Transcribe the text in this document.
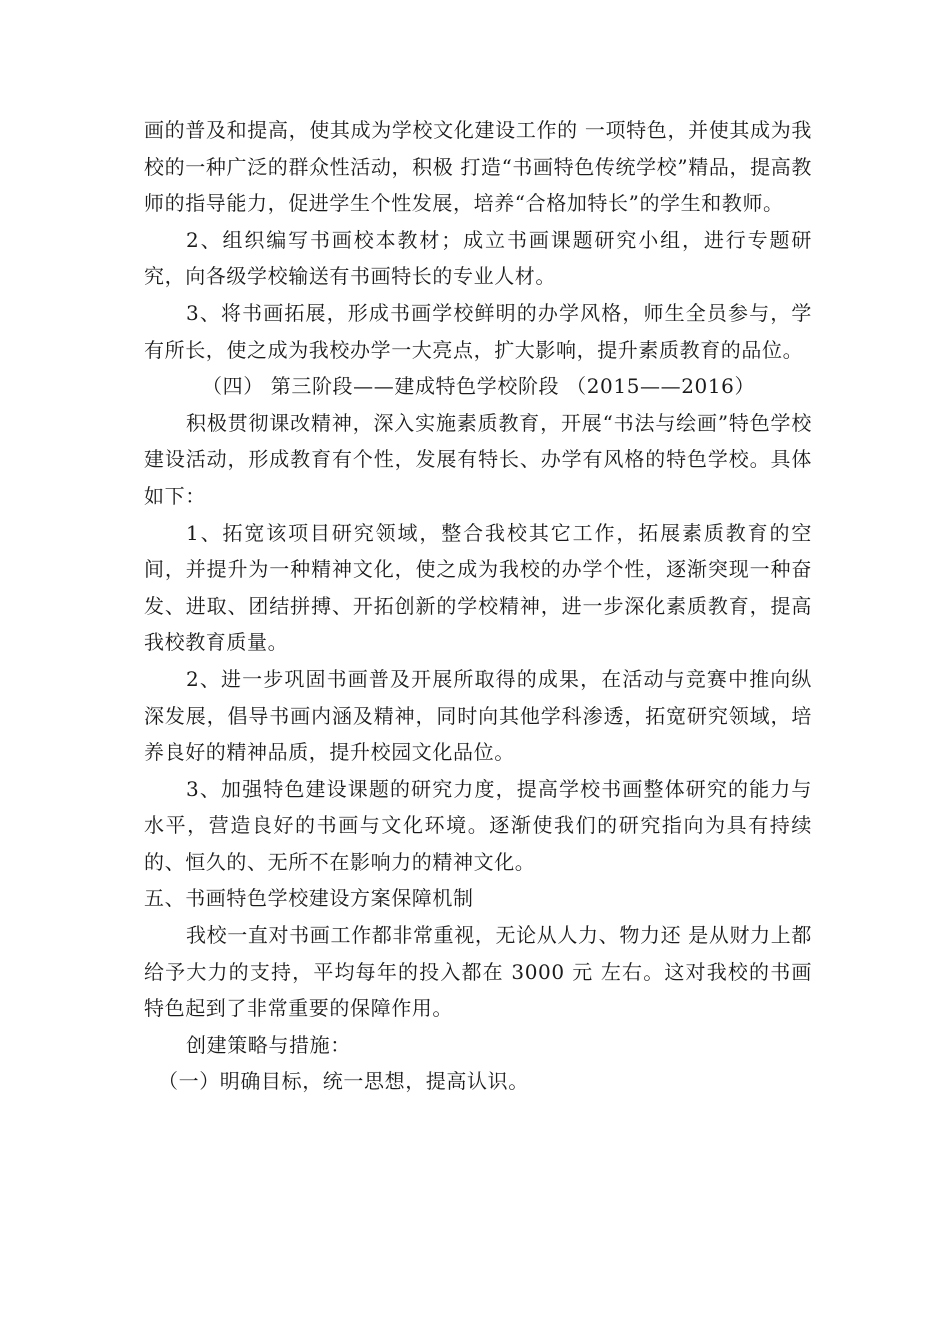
画的普及和提高，使其成为学校文化建设工作的 一项特色，并使其成为我校的一种广泛的群众性活动，积极 打造“书画特色传统学校”精品，提高教师的指导能力，促进学生个性发展，培养“合格加特长”的学生和教师。

2、组织编写书画校本教材；成立书画课题研究小组，进行专题研究，向各级学校输送有书画特长的专业人材。

3、将书画拓展，形成书画学校鲜明的办学风格，师生全员参与，学有所长，使之成为我校办学一大亮点，扩大影响，提升素质教育的品位。

（四） 第三阶段——建成特色学校阶段 （2015——2016）

积极贯彻课改精神，深入实施素质教育，开展“书法与绘画”特色学校建设活动，形成教育有个性，发展有特长、办学有风格的特色学校。具体如下：

1、拓宽该项目研究领域，整合我校其它工作，拓展素质教育的空间，并提升为一种精神文化，使之成为我校的办学个性，逐渐突现一种奋发、进取、团结拼搏、开拓创新的学校精神，进一步深化素质教育，提高我校教育质量。

2、进一步巩固书画普及开展所取得的成果，在活动与竞赛中推向纵深发展，倡导书画内涵及精神，同时向其他学科渗透，拓宽研究领域，培养良好的精神品质，提升校园文化品位。

3、加强特色建设课题的研究力度，提高学校书画整体研究的能力与水平，营造良好的书画与文化环境。逐渐使我们的研究指向为具有持续的、恒久的、无所不在影响力的精神文化。

五、书画特色学校建设方案保障机制

我校一直对书画工作都非常重视，无论从人力、物力还 是从财力上都给予大力的支持，平均每年的投入都在 3000 元 左右。这对我校的书画特色起到了非常重要的保障作用。

创建策略与措施：

（一）明确目标，统一思想，提高认识。
